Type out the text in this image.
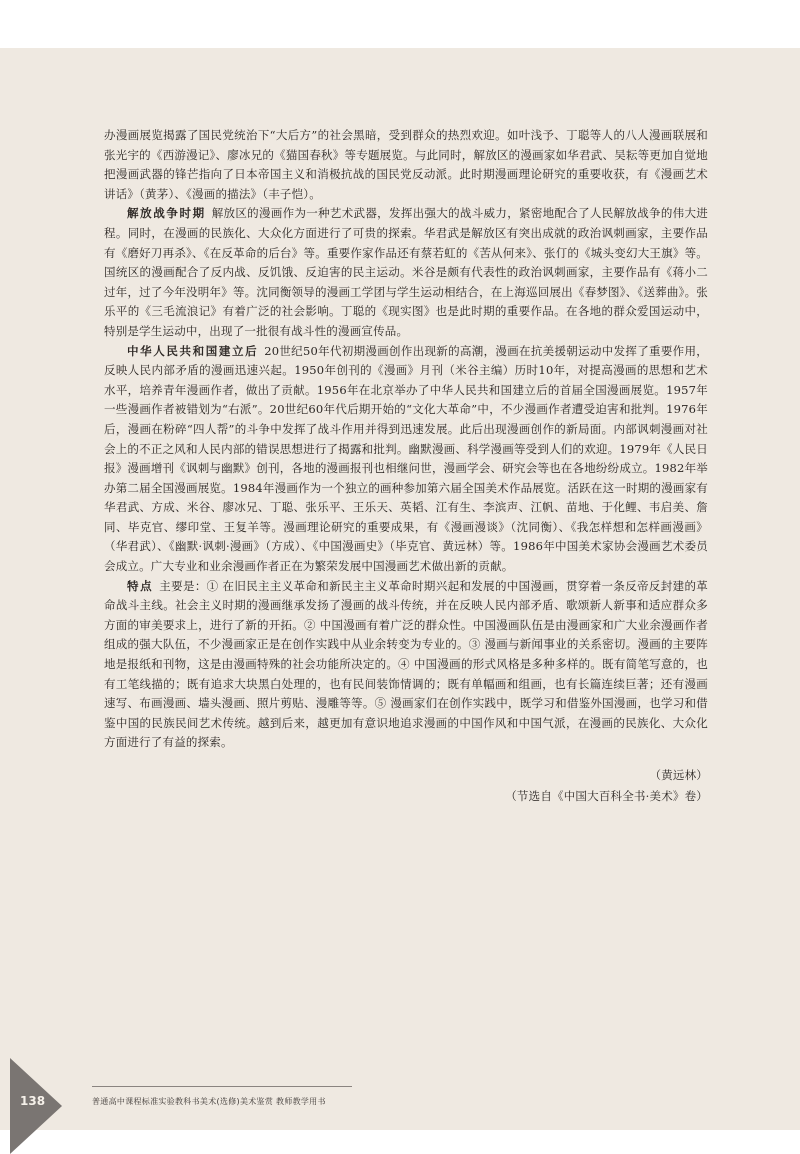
办漫画展览揭露了国民党统治下“大后方”的社会黑暗，受到群众的热烈欢迎。如叶浅予、丁聪等人的八人漫画联展和张光宇的《西游漫记》、廖冰兄的《猫国春秋》等专题展览。与此同时，解放区的漫画家如华君武、吴耘等更加自觉地把漫画武器的锋芒指向了日本帝国主义和消极抗战的国民党反动派。此时期漫画理论研究的重要收获，有《漫画艺术讲话》（黄茅）、《漫画的描法》（丰子恺）。

解放战争时期 解放区的漫画作为一种艺术武器，发挥出强大的战斗威力，紧密地配合了人民解放战争的伟大进程。同时，在漫画的民族化、大众化方面进行了可贵的探索。华君武是解放区有突出成就的政治讽刺画家，主要作品有《磨好刀再杀》、《在反革命的后台》等。重要作家作品还有蔡若虹的《苦从何来》、张仃的《城头变幻大王旗》等。国统区的漫画配合了反内战、反饥饿、反迫害的民主运动。米谷是颇有代表性的政治讽刺画家，主要作品有《蒋小二过年，过了今年没明年》等。沈同衡领导的漫画工学团与学生运动相结合，在上海巡回展出《春梦图》、《送葬曲》。张乐平的《三毛流浪记》有着广泛的社会影响。丁聪的《现实图》也是此时期的重要作品。在各地的群众爱国运动中，特别是学生运动中，出现了一批很有战斗性的漫画宣传品。

中华人民共和国建立后 20世纪50年代初期漫画创作出现新的高潮，漫画在抗美援朝运动中发挥了重要作用，反映人民内部矛盾的漫画迅速兴起。1950年创刊的《漫画》月刊（米谷主编）历时10年，对提高漫画的思想和艺术水平，培养青年漫画作者，做出了贡献。1956年在北京举办了中华人民共和国建立后的首届全国漫画展览。1957年一些漫画作者被错划为“右派”。20世纪60年代后期开始的“文化大革命”中，不少漫画作者遭受迫害和批判。1976年后，漫画在粉碎“四人帮”的斗争中发挥了战斗作用并得到迅速发展。此后出现漫画创作的新局面。内部讽刺漫画对社会上的不正之风和人民内部的错误思想进行了揭露和批判。幽默漫画、科学漫画等受到人们的欢迎。1979年《人民日报》漫画增刊《讽刺与幽默》创刊，各地的漫画报刊也相继问世，漫画学会、研究会等也在各地纷纷成立。1982年举办第二届全国漫画展览。1984年漫画作为一个独立的画种参加第六届全国美术作品展览。活跃在这一时期的漫画家有华君武、方成、米谷、廖冰兄、丁聪、张乐平、王乐天、英韬、江有生、李滨声、江帆、苗地、于化鲤、韦启美、詹同、毕克官、缪印堂、王复羊等。漫画理论研究的重要成果，有《漫画漫谈》（沈同衡）、《我怎样想和怎样画漫画》（华君武）、《幽默·讽刺·漫画》（方成）、《中国漫画史》（毕克官、黄远林）等。1986年中国美术家协会漫画艺术委员会成立。广大专业和业余漫画作者正在为繁荣发展中国漫画艺术做出新的贡献。

特点 主要是：① 在旧民主主义革命和新民主主义革命时期兴起和发展的中国漫画，贯穿着一条反帝反封建的革命战斗主线。社会主义时期的漫画继承发扬了漫画的战斗传统，并在反映人民内部矛盾、歌颂新人新事和适应群众多方面的审美要求上，进行了新的开拓。② 中国漫画有着广泛的群众性。中国漫画队伍是由漫画家和广大业余漫画作者组成的强大队伍，不少漫画家正是在创作实践中从业余转变为专业的。③ 漫画与新闻事业的关系密切。漫画的主要阵地是报纸和刊物，这是由漫画特殊的社会功能所决定的。④ 中国漫画的形式风格是多种多样的。既有简笔写意的，也有工笔线描的；既有追求大块黑白处理的，也有民间装饰情调的；既有单幅画和组画，也有长篇连续巨著；还有漫画速写、布画漫画、墙头漫画、照片剪贴、漫雕等等。⑤ 漫画家们在创作实践中，既学习和借鉴外国漫画，也学习和借鉴中国的民族民间艺术传统。越到后来，越更加有意识地追求漫画的中国作风和中国气派，在漫画的民族化、大众化方面进行了有益的探索。

（黄远林）
（节选自《中国大百科全书·美术》卷）
138	普通高中课程标准实验教科书美术(选修)美术鉴赏 教师教学用书
